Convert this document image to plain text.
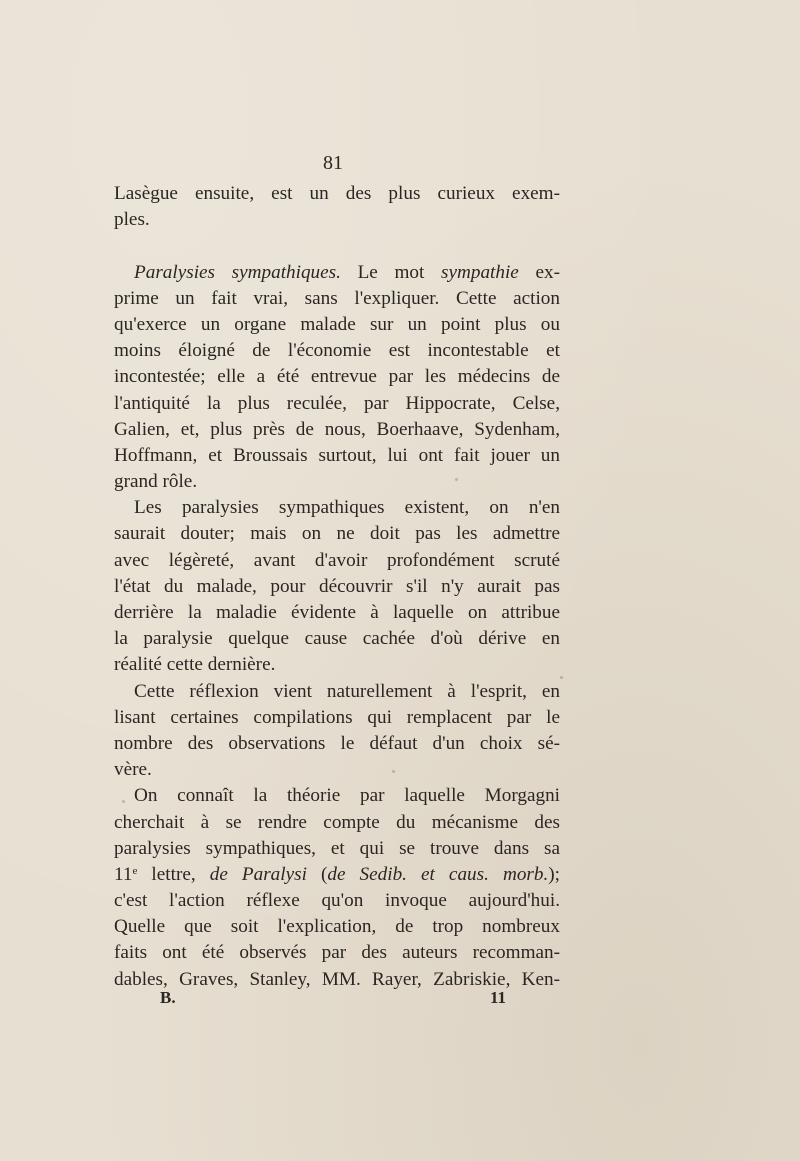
81
Lasègue ensuite, est un des plus curieux exem-
ples.
Paralysies sympathiques. Le mot sympathie ex-
prime un fait vrai, sans l'expliquer. Cette action
qu'exerce un organe malade sur un point plus ou
moins éloigné de l'économie est incontestable et
incontestée; elle a été entrevue par les médecins de
l'antiquité la plus reculée, par Hippocrate, Celse,
Galien, et, plus près de nous, Boerhaave, Sydenham,
Hoffmann, et Broussais surtout, lui ont fait jouer un
grand rôle.
Les paralysies sympathiques existent, on n'en
saurait douter; mais on ne doit pas les admettre
avec légèreté, avant d'avoir profondément scruté
l'état du malade, pour découvrir s'il n'y aurait pas
derrière la maladie évidente à laquelle on attribue
la paralysie quelque cause cachée d'où dérive en
réalité cette dernière.
Cette réflexion vient naturellement à l'esprit, en
lisant certaines compilations qui remplacent par le
nombre des observations le défaut d'un choix sé-
vère.
On connaît la théorie par laquelle Morgagni
cherchait à se rendre compte du mécanisme des
paralysies sympathiques, et qui se trouve dans sa
11e lettre, de Paralysi (de Sedib. et caus. morb.);
c'est l'action réflexe qu'on invoque aujourd'hui.
Quelle que soit l'explication, de trop nombreux
faits ont été observés par des auteurs recomman-
dables, Graves, Stanley, MM. Rayer, Zabriskie, Ken-
B.	11
